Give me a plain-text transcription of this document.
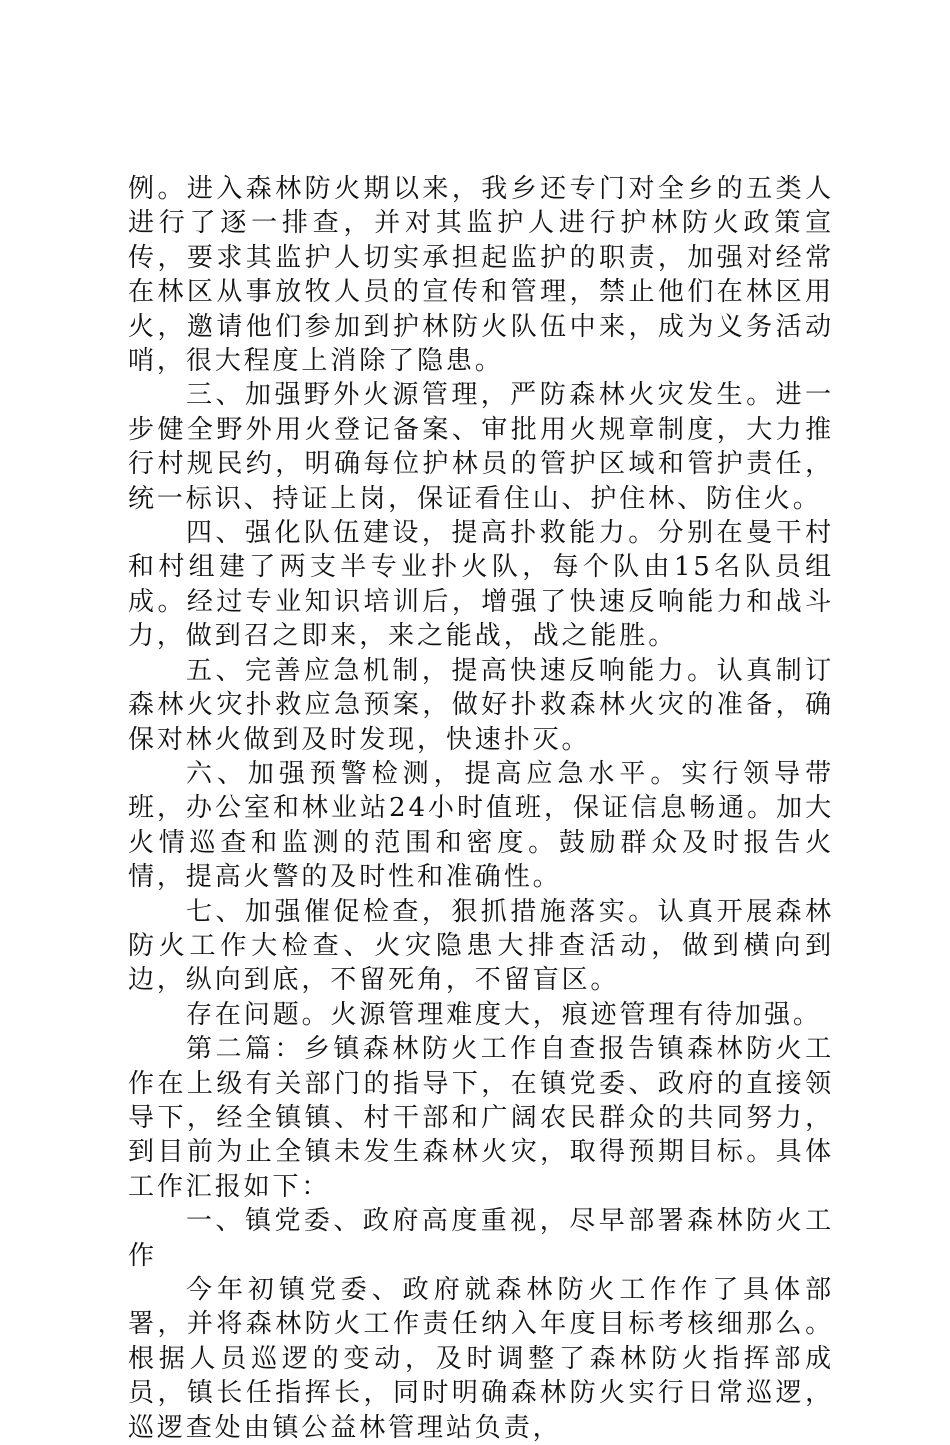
例。进入森林防火期以来，我乡还专门对全乡的五类人进行了逐一排查，并对其监护人进行护林防火政策宣传，要求其监护人切实承担起监护的职责，加强对经常在林区从事放牧人员的宣传和管理，禁止他们在林区用火，邀请他们参加到护林防火队伍中来，成为义务活动哨，很大程度上消除了隐患。

三、加强野外火源管理，严防森林火灾发生。进一步健全野外用火登记备案、审批用火规章制度，大力推行村规民约，明确每位护林员的管护区域和管护责任，统一标识、持证上岗，保证看住山、护住林、防住火。

四、强化队伍建设，提高扑救能力。分别在曼干村和村组建了两支半专业扑火队，每个队由15名队员组成。经过专业知识培训后，增强了快速反响能力和战斗力，做到召之即来，来之能战，战之能胜。

五、完善应急机制，提高快速反响能力。认真制订森林火灾扑救应急预案，做好扑救森林火灾的准备，确保对林火做到及时发现，快速扑灭。

六、加强预警检测，提高应急水平。实行领导带班，办公室和林业站24小时值班，保证信息畅通。加大火情巡查和监测的范围和密度。鼓励群众及时报告火情，提高火警的及时性和准确性。

七、加强催促检查，狠抓措施落实。认真开展森林防火工作大检查、火灾隐患大排查活动，做到横向到边，纵向到底，不留死角，不留盲区。

存在问题。火源管理难度大，痕迹管理有待加强。

第二篇：乡镇森林防火工作自查报告镇森林防火工作在上级有关部门的指导下，在镇党委、政府的直接领导下，经全镇镇、村干部和广阔农民群众的共同努力，到目前为止全镇未发生森林火灾，取得预期目标。具体工作汇报如下：

一、镇党委、政府高度重视，尽早部署森林防火工作

今年初镇党委、政府就森林防火工作作了具体部署，并将森林防火工作责任纳入年度目标考核细那么。根据人员巡逻的变动，及时调整了森林防火指挥部成员，镇长任指挥长，同时明确森林防火实行日常巡逻，巡逻查处由镇公益林管理站负责，
